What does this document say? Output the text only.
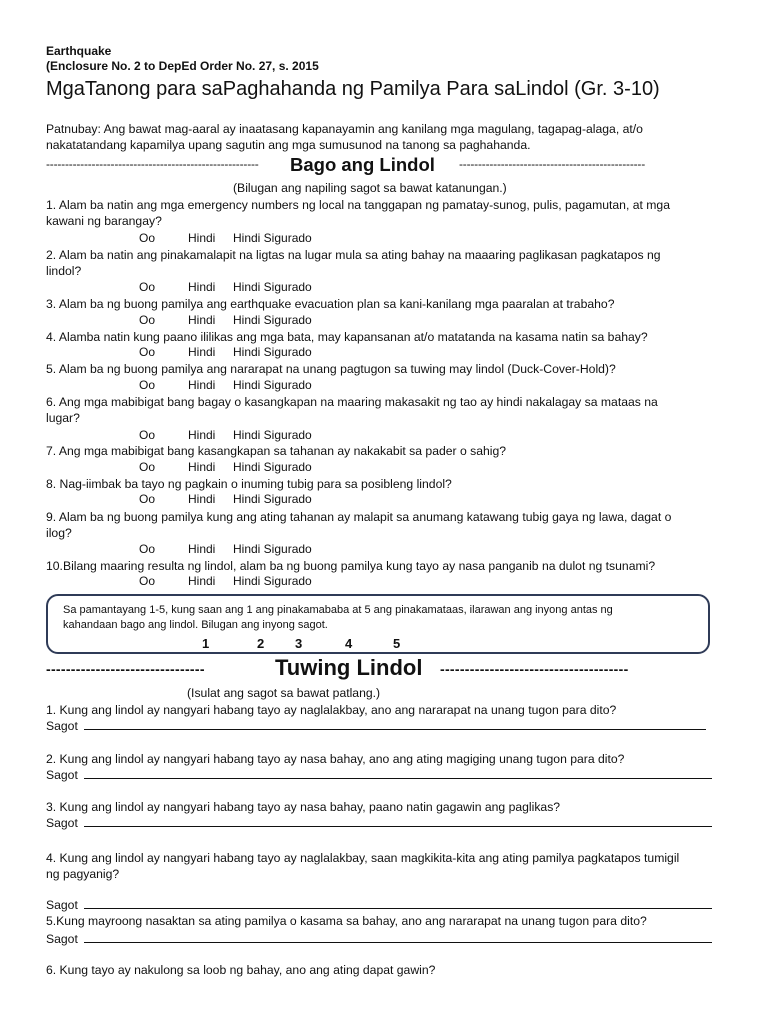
Earthquake
(Enclosure No. 2 to DepEd Order No. 27, s. 2015
MgaTanong para saPaghahanda ng Pamilya Para saLindol (Gr. 3-10)
Patnubay: Ang bawat mag-aaral ay inaatasang kapanayamin ang kanilang mga magulang, tagapag-alaga, at/o
nakatatandang kapamilya upang sagutin ang mga sumusunod na tanong sa paghahanda.
-------------------------------------------------------- Bago ang Lindol -------------------------------------------------
(Bilugan ang napiling sagot sa bawat katanungan.)
1. Alam ba natin ang mga emergency numbers ng local na tanggapan ng pamatay-sunog, pulis, pagamutan, at mga
kawani ng barangay?
Oo	Hindi Hindi Sigurado
2. Alam ba natin ang pinakamalapit na ligtas na lugar mula sa ating bahay na maaaring paglikasan pagkatapos ng
lindol?
Oo	Hindi Hindi Sigurado
3. Alam ba ng buong pamilya ang earthquake evacuation plan sa kani-kanilang mga paaralan at trabaho?
Oo	Hindi Hindi Sigurado
4. Alamba natin kung paano ililikas ang mga bata, may kapansanan at/o matatanda na kasama natin sa bahay?
Oo	Hindi Hindi Sigurado
5. Alam ba ng buong pamilya ang nararapat na unang pagtugon sa tuwing may lindol (Duck-Cover-Hold)?
Oo	Hindi Hindi Sigurado
6. Ang mga mabibigat bang bagay o kasangkapan na maaring makasakit ng tao ay hindi nakalagay sa mataas na
lugar?
Oo	Hindi Hindi Sigurado
7. Ang mga mabibigat bang kasangkapan sa tahanan ay nakakabit sa pader o sahig?
Oo	Hindi Hindi Sigurado
8. Nag-iimbak ba tayo ng pagkain o inuming tubig para sa posibleng lindol?
Oo	Hindi Hindi Sigurado
9. Alam ba ng buong pamilya kung ang ating tahanan ay malapit sa anumang katawang tubig gaya ng lawa, dagat o
ilog?
Oo	Hindi Hindi Sigurado
10.Bilang maaring resulta ng lindol, alam ba ng buong pamilya kung tayo ay nasa panganib na dulot ng tsunami?
Oo	Hindi Hindi Sigurado
Sa pamantayang 1-5, kung saan ang 1 ang pinakamababa at 5 ang pinakamataas, ilarawan ang inyong antas ng
kahandaan bago ang lindol. Bilugan ang inyong sagot.
1	2 3	4	5
--------------------------------	Tuwing Lindol --------------------------------------
(Isulat ang sagot sa bawat patlang.)
1. Kung ang lindol ay nangyari habang tayo ay naglalakbay, ano ang nararapat na unang tugon para dito?
Sagot
2. Kung ang lindol ay nangyari habang tayo ay nasa bahay, ano ang ating magiging unang tugon para dito?
Sagot
3. Kung ang lindol ay nangyari habang tayo ay nasa bahay, paano natin gagawin ang paglikas?
Sagot
4. Kung ang lindol ay nangyari habang tayo ay naglalakbay, saan magkikita-kita ang ating pamilya pagkatapos tumigil
ng pagyanig?
Sagot
5.Kung mayroong nasaktan sa ating pamilya o kasama sa bahay, ano ang nararapat na unang tugon para dito?
Sagot
6. Kung tayo ay nakulong sa loob ng bahay, ano ang ating dapat gawin?
